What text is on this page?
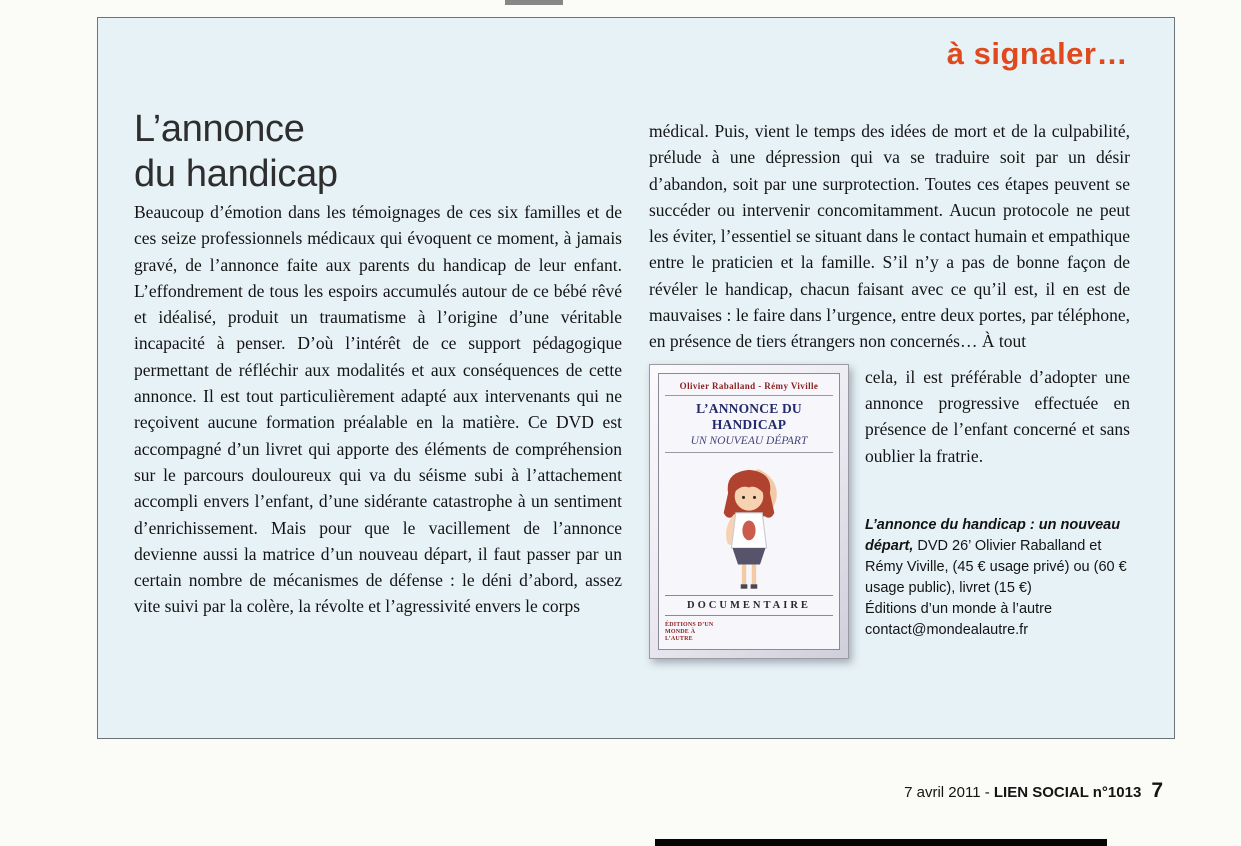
à signaler…
L’annonce
du handicap
Beaucoup d’émotion dans les témoignages de ces six familles et de ces seize professionnels médicaux qui évoquent ce moment, à jamais gravé, de l’annonce faite aux parents du handicap de leur enfant. L’effondrement de tous les espoirs accumulés autour de ce bébé rêvé et idéalisé, produit un traumatisme à l’origine d’une véritable incapacité à penser. D’où l’intérêt de ce support pédagogique permettant de réfléchir aux modalités et aux conséquences de cette annonce. Il est tout particulièrement adapté aux intervenants qui ne reçoivent aucune formation préalable en la matière. Ce DVD est accompagné d’un livret qui apporte des éléments de compréhension sur le parcours douloureux qui va du séisme subi à l’attachement accompli envers l’enfant, d’une sidérante catastrophe à un sentiment d’enrichissement. Mais pour que le vacillement de l’annonce devienne aussi la matrice d’un nouveau départ, il faut passer par un certain nombre de mécanismes de défense : le déni d’abord, assez vite suivi par la colère, la révolte et l’agressivité envers le corps

médical. Puis, vient le temps des idées de mort et de la culpabilité, prélude à une dépression qui va se traduire soit par un désir d’abandon, soit par une surprotection. Toutes ces étapes peuvent se succéder ou intervenir concomitamment. Aucun protocole ne peut les éviter, l’essentiel se situant dans le contact humain et empathique entre le praticien et la famille. S’il n’y a pas de bonne façon de révéler le handicap, chacun faisant avec ce qu’il est, il en est de mauvaises : le faire dans l’urgence, entre deux portes, par téléphone, en présence de tiers étrangers non concernés… À tout

Olivier Raballand - Rémy Viville
L’ANNONCE DU HANDICAP
UN NOUVEAU DÉPART
DOCUMENTAIRE
ÉDITIONS D’UN MONDE À L’AUTRE

cela, il est préférable d’adopter une annonce progressive effectuée en présence de l’enfant concerné et sans oublier la fratrie.

L’annonce du handicap : un nouveau départ, DVD 26’ Olivier Raballand et Rémy Viville, (45 € usage privé) ou (60 € usage public), livret (15 €)
Éditions d’un monde à l’autre
contact@mondealautre.fr
7 avril 2011 - LIEN SOCIAL n°1013 7
